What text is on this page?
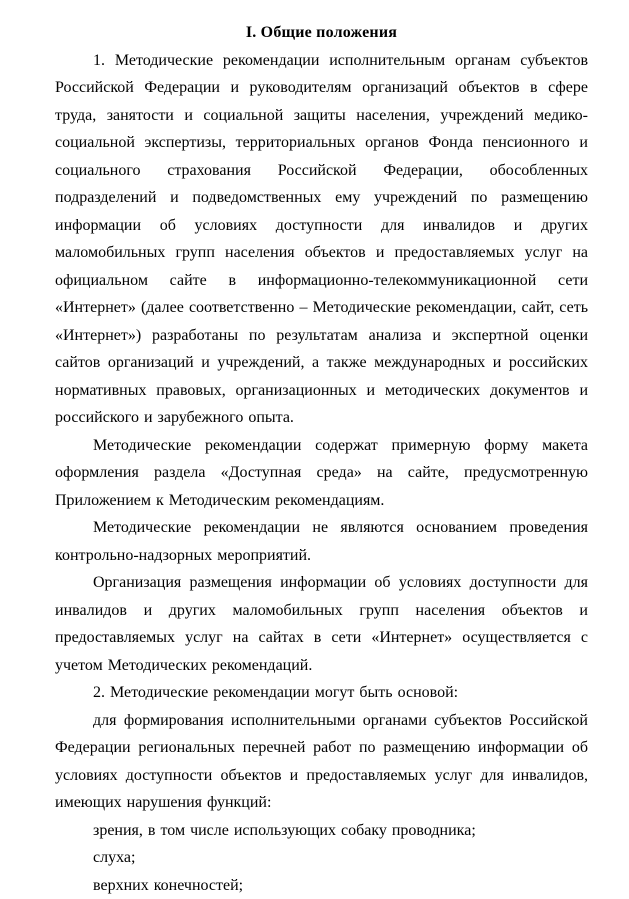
I. Общие положения

1. Методические рекомендации исполнительным органам субъектов Российской Федерации и руководителям организаций объектов в сфере труда, занятости и социальной защиты населения, учреждений медико-социальной экспертизы, территориальных органов Фонда пенсионного и социального страхования Российской Федерации, обособленных подразделений и подведомственных ему учреждений по размещению информации об условиях доступности для инвалидов и других маломобильных групп населения объектов и предоставляемых услуг на официальном сайте в информационно-телекоммуникационной сети «Интернет» (далее соответственно – Методические рекомендации, сайт, сеть «Интернет») разработаны по результатам анализа и экспертной оценки сайтов организаций и учреждений, а также международных и российских нормативных правовых, организационных и методических документов и российского и зарубежного опыта.

Методические рекомендации содержат примерную форму макета оформления раздела «Доступная среда» на сайте, предусмотренную Приложением к Методическим рекомендациям.

Методические рекомендации не являются основанием проведения контрольно-надзорных мероприятий.

Организация размещения информации об условиях доступности для инвалидов и других маломобильных групп населения объектов и предоставляемых услуг на сайтах в сети «Интернет» осуществляется с учетом Методических рекомендаций.

2. Методические рекомендации могут быть основой:

для формирования исполнительными органами субъектов Российской Федерации региональных перечней работ по размещению информации об условиях доступности объектов и предоставляемых услуг для инвалидов, имеющих нарушения функций:

зрения, в том числе использующих собаку проводника;

слуха;

верхних конечностей;
